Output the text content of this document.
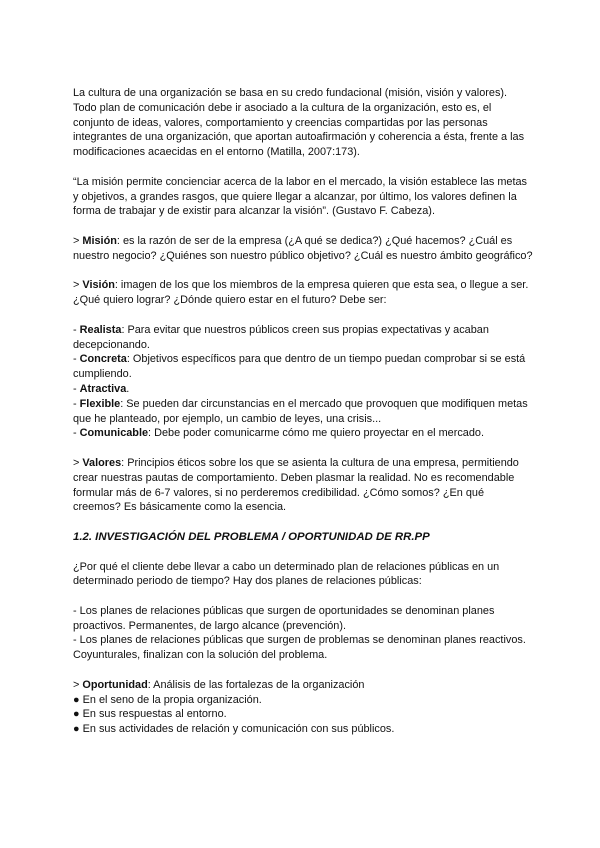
La cultura de una organización se basa en su credo fundacional (misión, visión y valores). Todo plan de comunicación debe ir asociado a la cultura de la organización, esto es, el conjunto de ideas, valores, comportamiento y creencias compartidas por las personas integrantes de una organización, que aportan autoafirmación y coherencia a ésta, frente a las modificaciones acaecidas en el entorno (Matilla, 2007:173).

“La misión permite concienciar acerca de la labor en el mercado, la visión establece las metas y objetivos, a grandes rasgos, que quiere llegar a alcanzar, por último, los valores definen la forma de trabajar y de existir para alcanzar la visión”. (Gustavo F. Cabeza).

> Misión: es la razón de ser de la empresa (¿A qué se dedica?) ¿Qué hacemos? ¿Cuál es nuestro negocio? ¿Quiénes son nuestro público objetivo? ¿Cuál es nuestro ámbito geográfico?

> Visión: imagen de los que los miembros de la empresa quieren que esta sea, o llegue a ser. ¿Qué quiero lograr? ¿Dónde quiero estar en el futuro? Debe ser:

- Realista: Para evitar que nuestros públicos creen sus propias expectativas y acaban decepcionando.

- Concreta: Objetivos específicos para que dentro de un tiempo puedan comprobar si se está cumpliendo.

- Atractiva.

- Flexible: Se pueden dar circunstancias en el mercado que provoquen que modifiquen metas que he planteado, por ejemplo, un cambio de leyes, una crisis...

- Comunicable: Debe poder comunicarme cómo me quiero proyectar en el mercado.

> Valores: Principios éticos sobre los que se asienta la cultura de una empresa, permitiendo crear nuestras pautas de comportamiento. Deben plasmar la realidad. No es recomendable formular más de 6-7 valores, si no perderemos credibilidad. ¿Cómo somos? ¿En qué creemos? Es básicamente como la esencia.

1.2. INVESTIGACIÓN DEL PROBLEMA / OPORTUNIDAD DE RR.PP

¿Por qué el cliente debe llevar a cabo un determinado plan de relaciones públicas en un determinado periodo de tiempo? Hay dos planes de relaciones públicas:

- Los planes de relaciones públicas que surgen de oportunidades se denominan planes proactivos. Permanentes, de largo alcance (prevención).

- Los planes de relaciones públicas que surgen de problemas se denominan planes reactivos. Coyunturales, finalizan con la solución del problema.

> Oportunidad: Análisis de las fortalezas de la organización

● En el seno de la propia organización.

● En sus respuestas al entorno.

● En sus actividades de relación y comunicación con sus públicos.
